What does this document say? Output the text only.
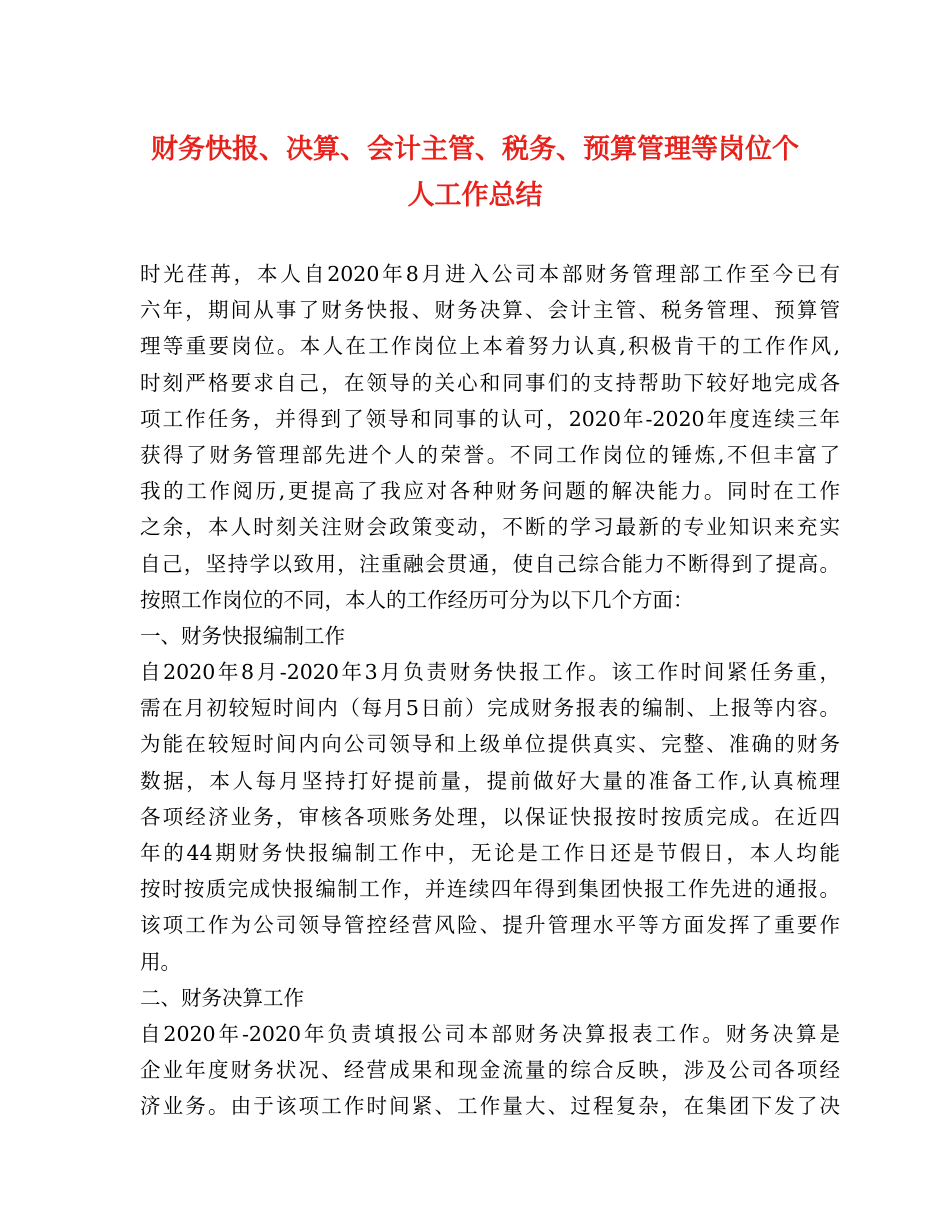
财务快报、决算、会计主管、税务、预算管理等岗位个
人工作总结
时光荏苒，本人自2020年8月进入公司本部财务管理部工作至今已有
六年，期间从事了财务快报、财务决算、会计主管、税务管理、预算管
理等重要岗位。本人在工作岗位上本着努力认真,积极肯干的工作作风,
时刻严格要求自己，在领导的关心和同事们的支持帮助下较好地完成各
项工作任务，并得到了领导和同事的认可，2020年-2020年度连续三年
获得了财务管理部先进个人的荣誉。不同工作岗位的锤炼,不但丰富了
我的工作阅历,更提高了我应对各种财务问题的解决能力。同时在工作
之余，本人时刻关注财会政策变动，不断的学习最新的专业知识来充实
自己，坚持学以致用，注重融会贯通，使自己综合能力不断得到了提高。
按照工作岗位的不同，本人的工作经历可分为以下几个方面：
一、财务快报编制工作
自2020年8月-2020年3月负责财务快报工作。该工作时间紧任务重，
需在月初较短时间内（每月5日前）完成财务报表的编制、上报等内容。
为能在较短时间内向公司领导和上级单位提供真实、完整、准确的财务
数据，本人每月坚持打好提前量，提前做好大量的准备工作,认真梳理
各项经济业务，审核各项账务处理，以保证快报按时按质完成。在近四
年的44期财务快报编制工作中，无论是工作日还是节假日，本人均能
按时按质完成快报编制工作，并连续四年得到集团快报工作先进的通报。
该项工作为公司领导管控经营风险、提升管理水平等方面发挥了重要作
用。
二、财务决算工作
自2020年-2020年负责填报公司本部财务决算报表工作。财务决算是
企业年度财务状况、经营成果和现金流量的综合反映，涉及公司各项经
济业务。由于该项工作时间紧、工作量大、过程复杂，在集团下发了决
